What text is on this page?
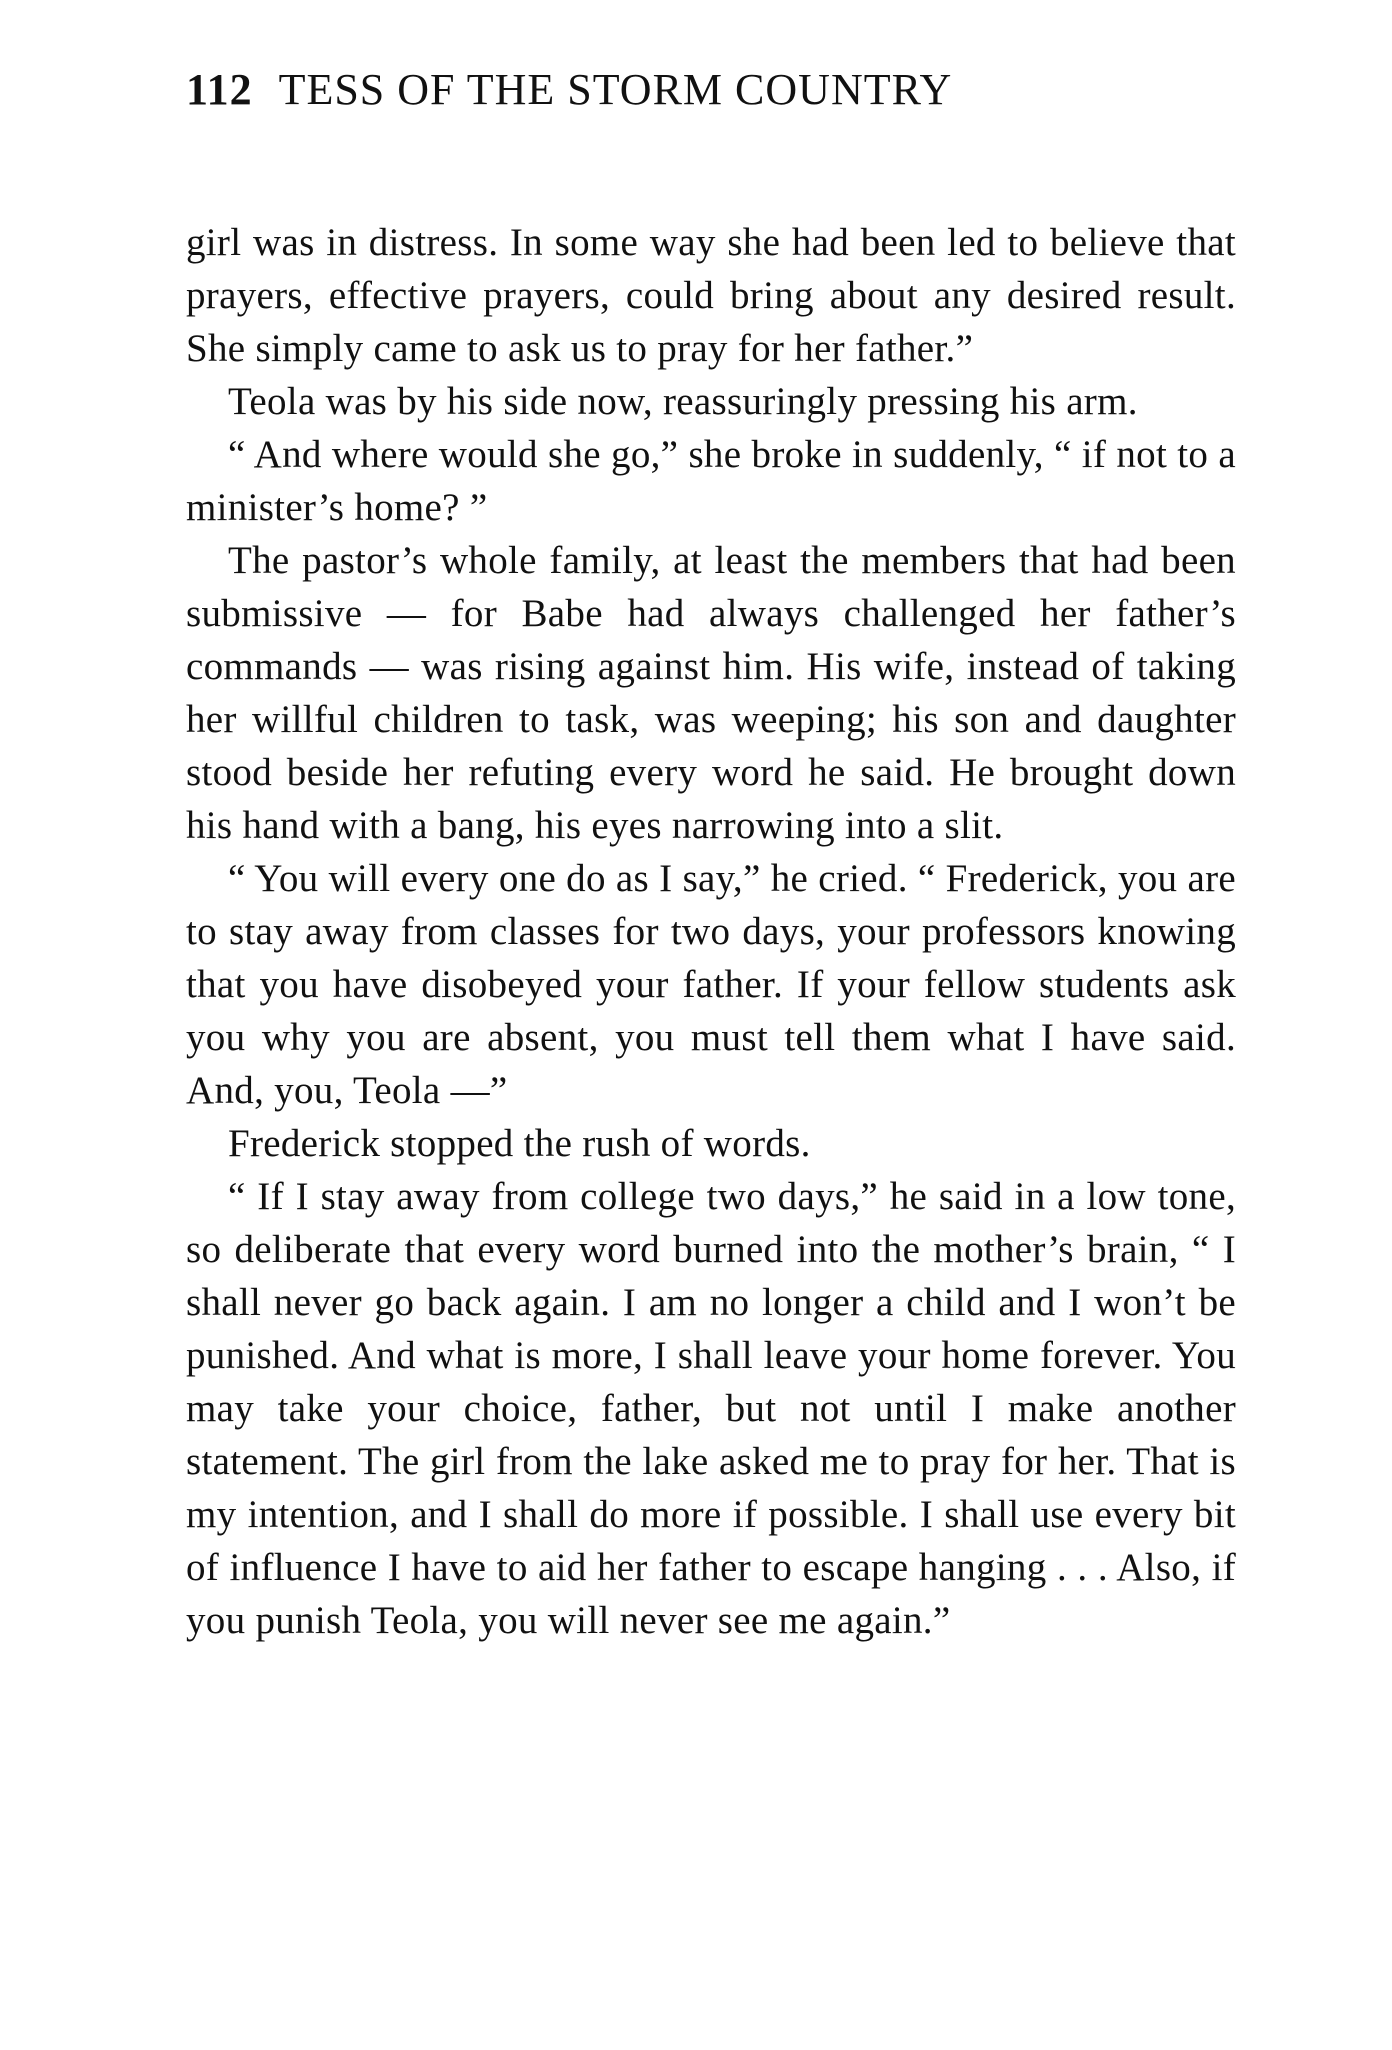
112 TESS OF THE STORM COUNTRY

girl was in distress. In some way she had been led to believe that prayers, effective prayers, could bring about any desired result. She simply came to ask us to pray for her father.”

Teola was by his side now, reassuringly pressing his arm.

“ And where would she go,” she broke in suddenly, “ if not to a minister’s home? ”

The pastor’s whole family, at least the members that had been submissive — for Babe had always challenged her father’s commands — was rising against him. His wife, instead of taking her willful children to task, was weeping; his son and daughter stood beside her refuting every word he said. He brought down his hand with a bang, his eyes narrowing into a slit.

“ You will every one do as I say,” he cried. “ Frederick, you are to stay away from classes for two days, your professors knowing that you have disobeyed your father. If your fellow students ask you why you are absent, you must tell them what I have said. And, you, Teola —”

Frederick stopped the rush of words.

“ If I stay away from college two days,” he said in a low tone, so deliberate that every word burned into the mother’s brain, “ I shall never go back again. I am no longer a child and I won’t be punished. And what is more, I shall leave your home forever. You may take your choice, father, but not until I make another statement. The girl from the lake asked me to pray for her. That is my intention, and I shall do more if possible. I shall use every bit of influence I have to aid her father to escape hanging . . . Also, if you punish Teola, you will never see me again.”
